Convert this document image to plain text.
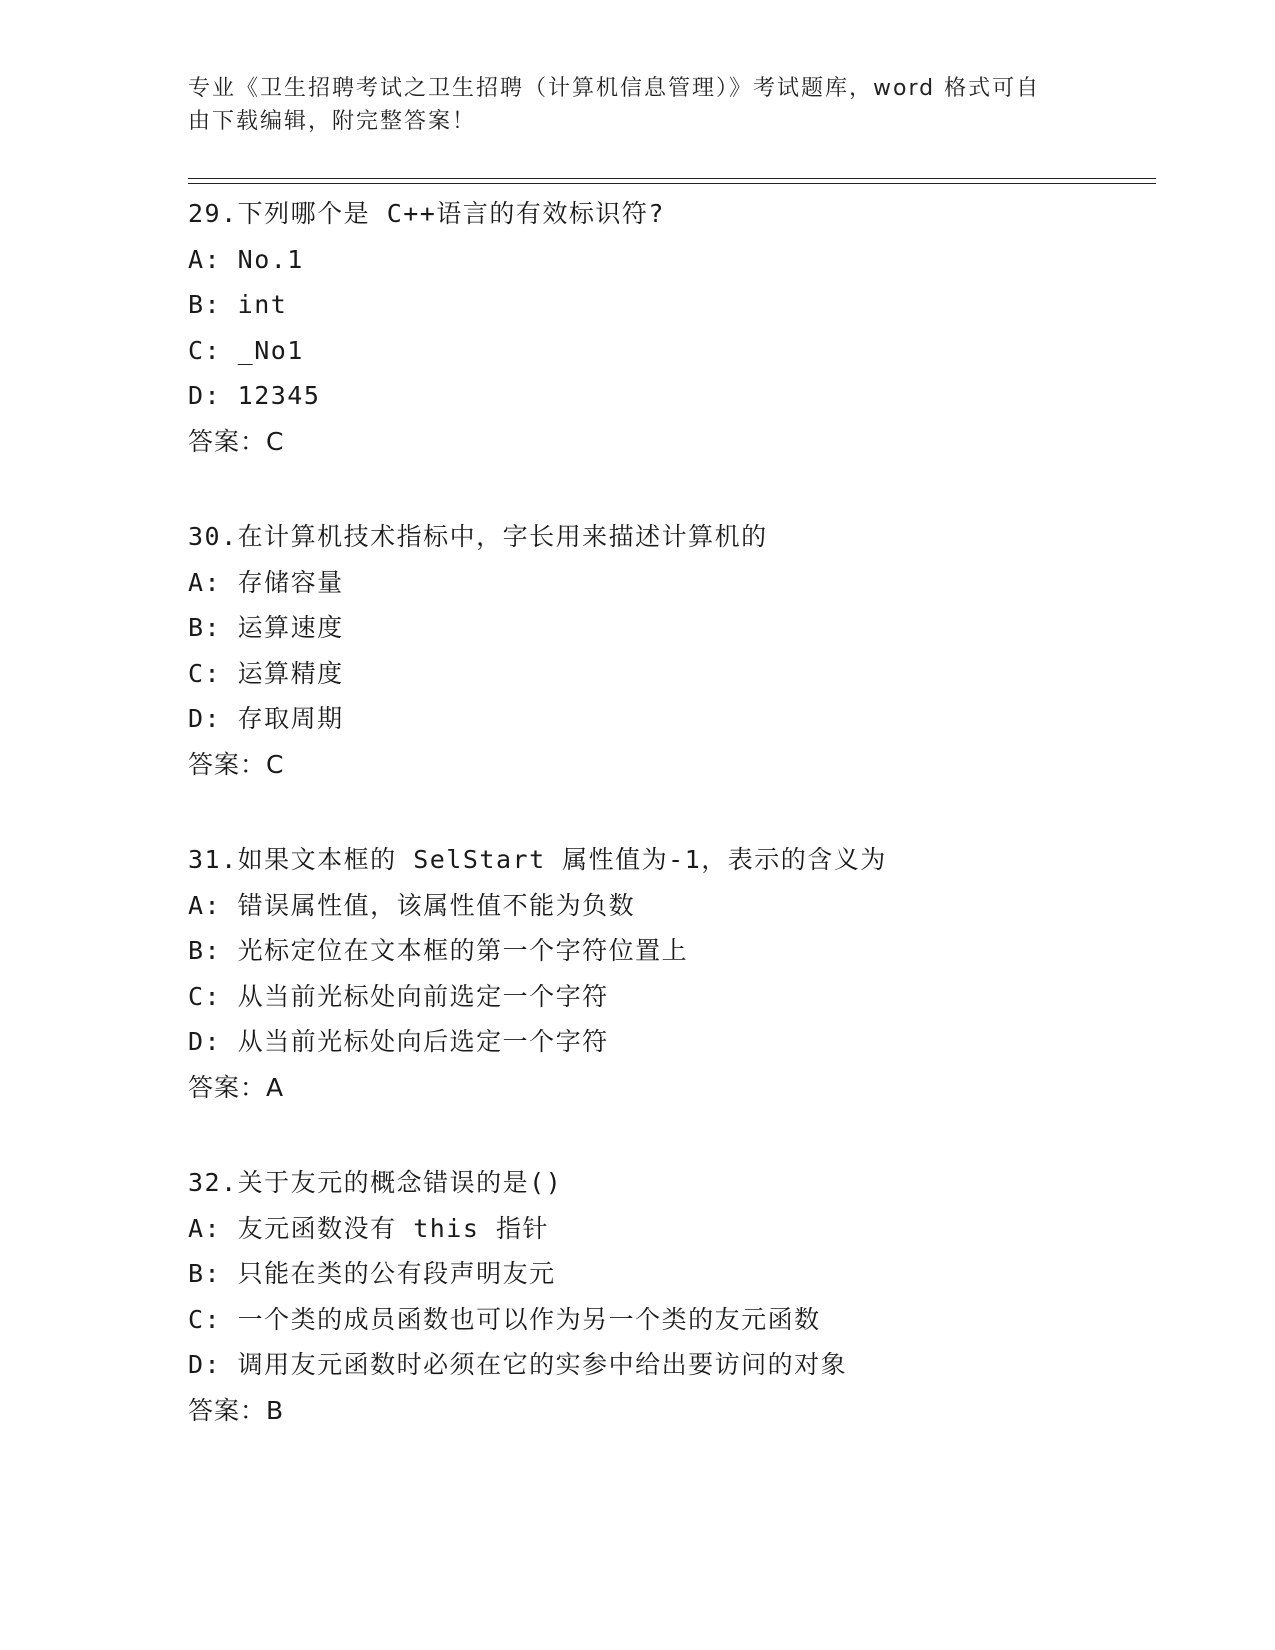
专业《卫生招聘考试之卫生招聘（计算机信息管理）》考试题库，word 格式可自
由下载编辑，附完整答案！
29.下列哪个是 C++语言的有效标识符?
A: No.1
B: int
C: _No1
D: 12345
答案：C
30.在计算机技术指标中，字长用来描述计算机的
A: 存储容量
B: 运算速度
C: 运算精度
D: 存取周期
答案：C
31.如果文本框的 SelStart 属性值为-1，表示的含义为
A: 错误属性值，该属性值不能为负数
B: 光标定位在文本框的第一个字符位置上
C: 从当前光标处向前选定一个字符
D: 从当前光标处向后选定一个字符
答案：A
32.关于友元的概念错误的是()
A: 友元函数没有 this 指针
B: 只能在类的公有段声明友元
C: 一个类的成员函数也可以作为另一个类的友元函数
D: 调用友元函数时必须在它的实参中给出要访问的对象
答案：B
